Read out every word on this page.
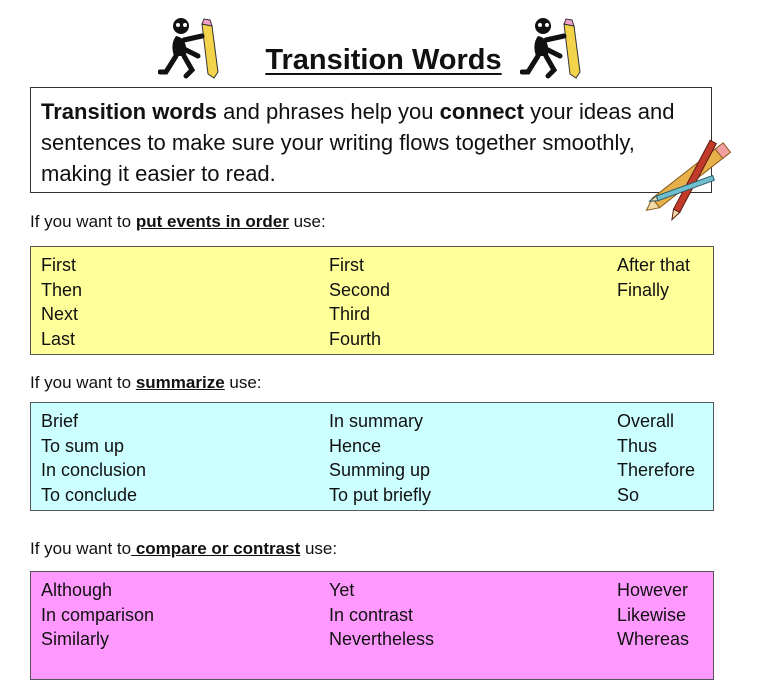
Transition Words
Transition words and phrases help you connect your ideas and sentences to make sure your writing flows together smoothly, making it easier to read.
If you want to put events in order use:
First
Then
Next
Last
First
Second
Third
Fourth
After that
Finally
If you want to summarize use:
Brief
To sum up
In conclusion
To conclude
In summary
Hence
Summing up
To put briefly
Overall
Thus
Therefore
So
If you want to compare or contrast use:
Although
In comparison
Similarly
Yet
In contrast
Nevertheless
However
Likewise
Whereas
